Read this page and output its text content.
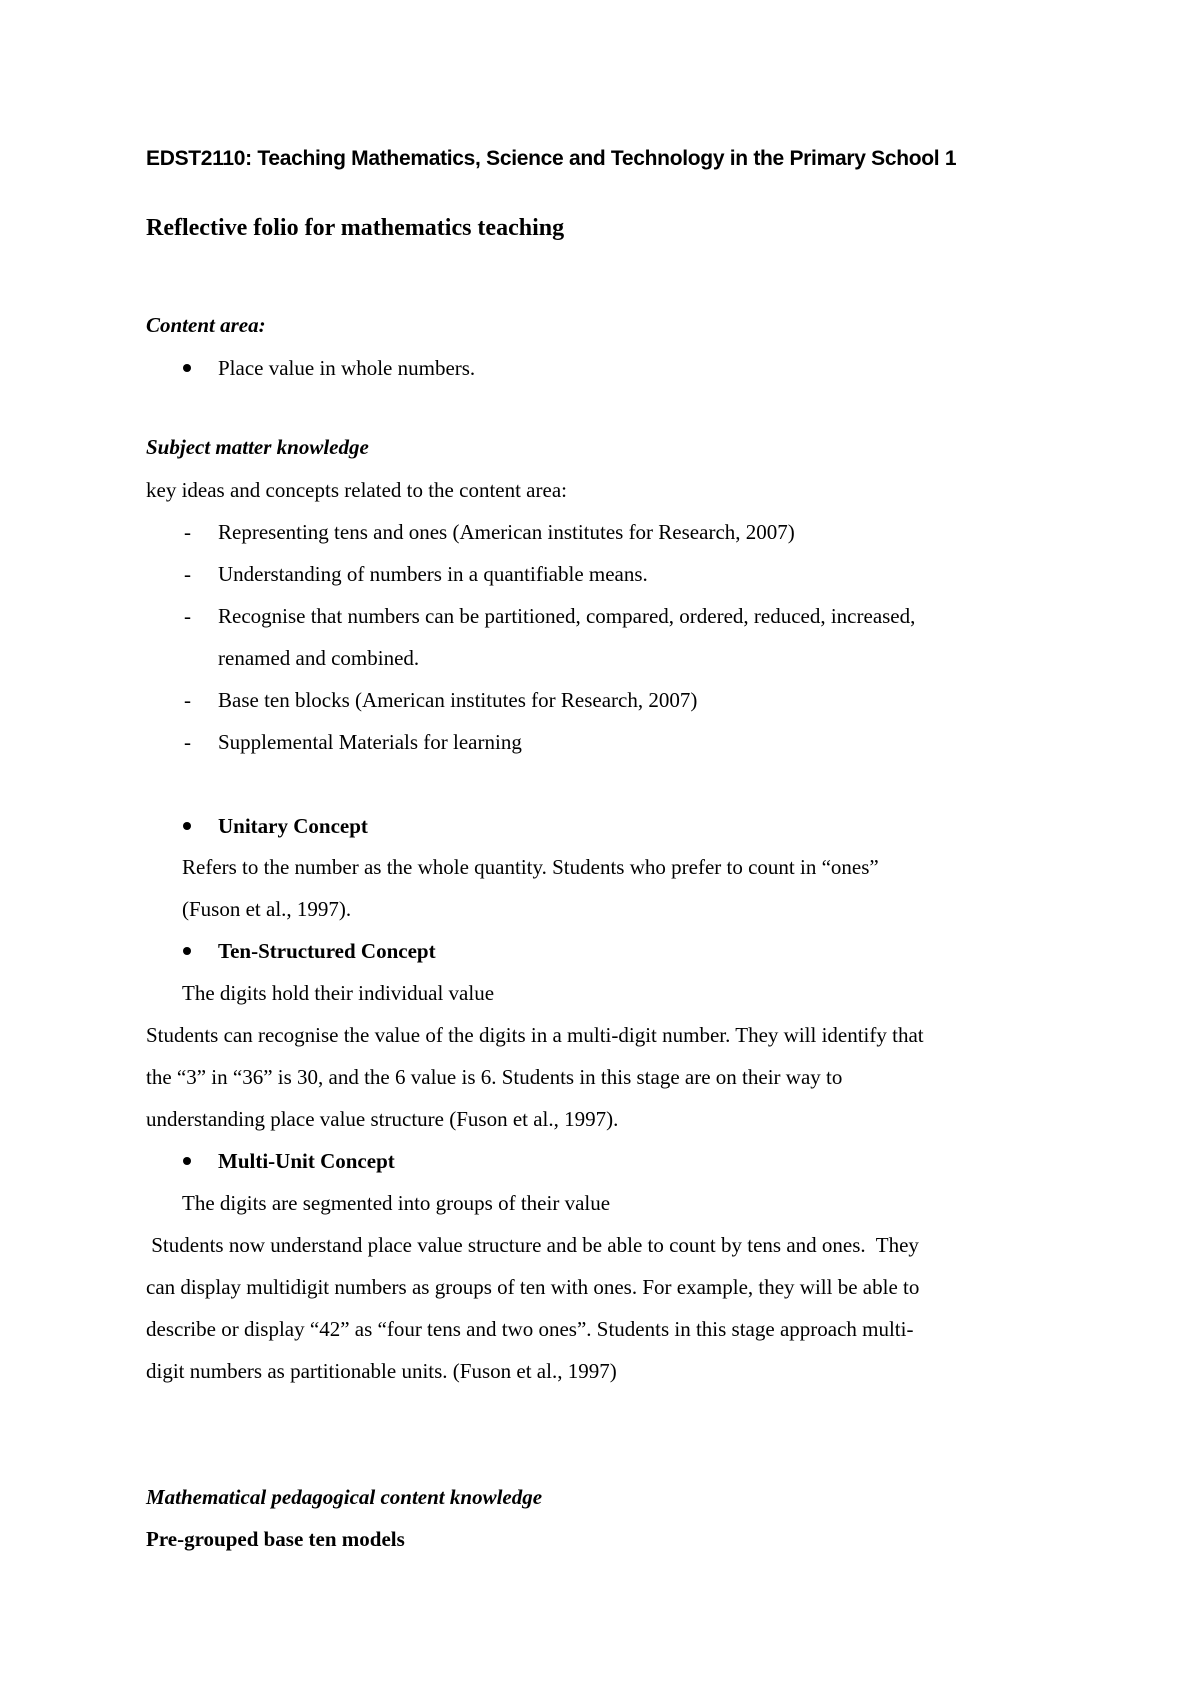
EDST2110: Teaching Mathematics, Science and Technology in the Primary School 1

Reflective folio for mathematics teaching

Content area:

Place value in whole numbers.

Subject matter knowledge

key ideas and concepts related to the content area:

- Representing tens and ones (American institutes for Research, 2007)

- Understanding of numbers in a quantifiable means.

- Recognise that numbers can be partitioned, compared, ordered, reduced, increased,

renamed and combined.

- Base ten blocks (American institutes for Research, 2007)

- Supplemental Materials for learning

Unitary Concept

Refers to the number as the whole quantity. Students who prefer to count in “ones”

(Fuson et al., 1997).

Ten-Structured Concept

The digits hold their individual value

Students can recognise the value of the digits in a multi-digit number. They will identify that

the “3” in “36” is 30, and the 6 value is 6. Students in this stage are on their way to

understanding place value structure (Fuson et al., 1997).

Multi-Unit Concept

The digits are segmented into groups of their value

Students now understand place value structure and be able to count by tens and ones.  They

can display multidigit numbers as groups of ten with ones. For example, they will be able to

describe or display “42” as “four tens and two ones”. Students in this stage approach multi-

digit numbers as partitionable units. (Fuson et al., 1997)

Mathematical pedagogical content knowledge

Pre-grouped base ten models
